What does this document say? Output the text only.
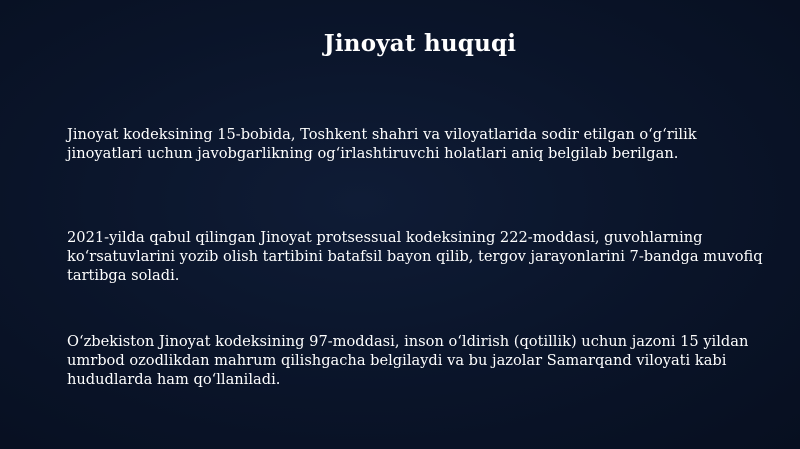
Jinoyat huquqi

Jinoyat kodeksining 15-bobida, Toshkent shahri va viloyatlarida sodir etilgan oʻgʻrilik
jinoyatlari uchun javobgarlikning ogʻirlashtiruvchi holatlari aniq belgilab berilgan.

2021-yilda qabul qilingan Jinoyat protsessual kodeksining 222-moddasi, guvohlarning
koʻrsatuvlarini yozib olish tartibini batafsil bayon qilib, tergov jarayonlarini 7-bandga muvofiq
tartibga soladi.

Oʻzbekiston Jinoyat kodeksining 97-moddasi, inson oʻldirish (qotillik) uchun jazoni 15 yildan
umrbod ozodlikdan mahrum qilishgacha belgilaydi va bu jazolar Samarqand viloyati kabi
hududlarda ham qoʻllaniladi.
